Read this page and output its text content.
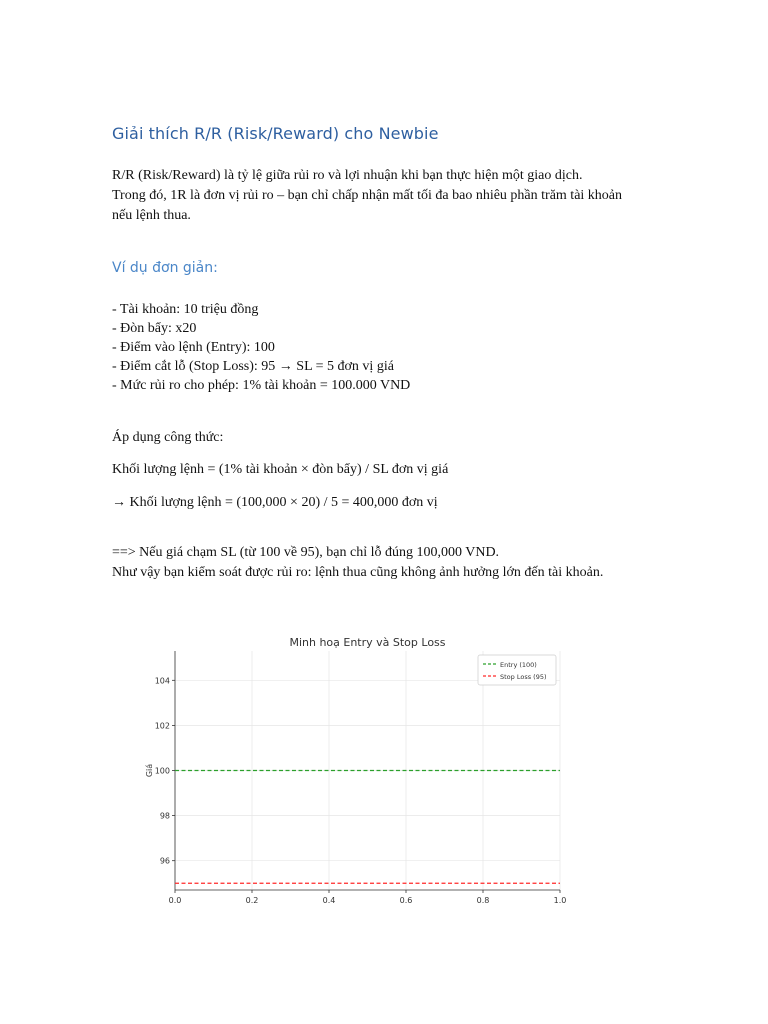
Giải thích R/R (Risk/Reward) cho Newbie

R/R (Risk/Reward) là tỷ lệ giữa rủi ro và lợi nhuận khi bạn thực hiện một giao dịch.

Trong đó, 1R là đơn vị rủi ro – bạn chỉ chấp nhận mất tối đa bao nhiêu phần trăm tài khoản

nếu lệnh thua.

Ví dụ đơn giản:
- Tài khoản: 10 triệu đồng
- Đòn bẩy: x20
- Điểm vào lệnh (Entry): 100
- Điểm cắt lỗ (Stop Loss): 95 → SL = 5 đơn vị giá
- Mức rủi ro cho phép: 1% tài khoản = 100.000 VND

Áp dụng công thức:

Khối lượng lệnh = (1% tài khoản × đòn bẩy) / SL đơn vị giá

→ Khối lượng lệnh = (100,000 × 20) / 5 = 400,000 đơn vị

==> Nếu giá chạm SL (từ 100 về 95), bạn chỉ lỗ đúng 100,000 VND.

Như vậy bạn kiểm soát được rủi ro: lệnh thua cũng không ảnh hưởng lớn đến tài khoản.

Minh hoạ Entry và Stop Loss
0.0	0.2	0.4	0.6	0.8	1.0
96
98
100
102
104
Giá
Entry (100)
Stop Loss (95)
